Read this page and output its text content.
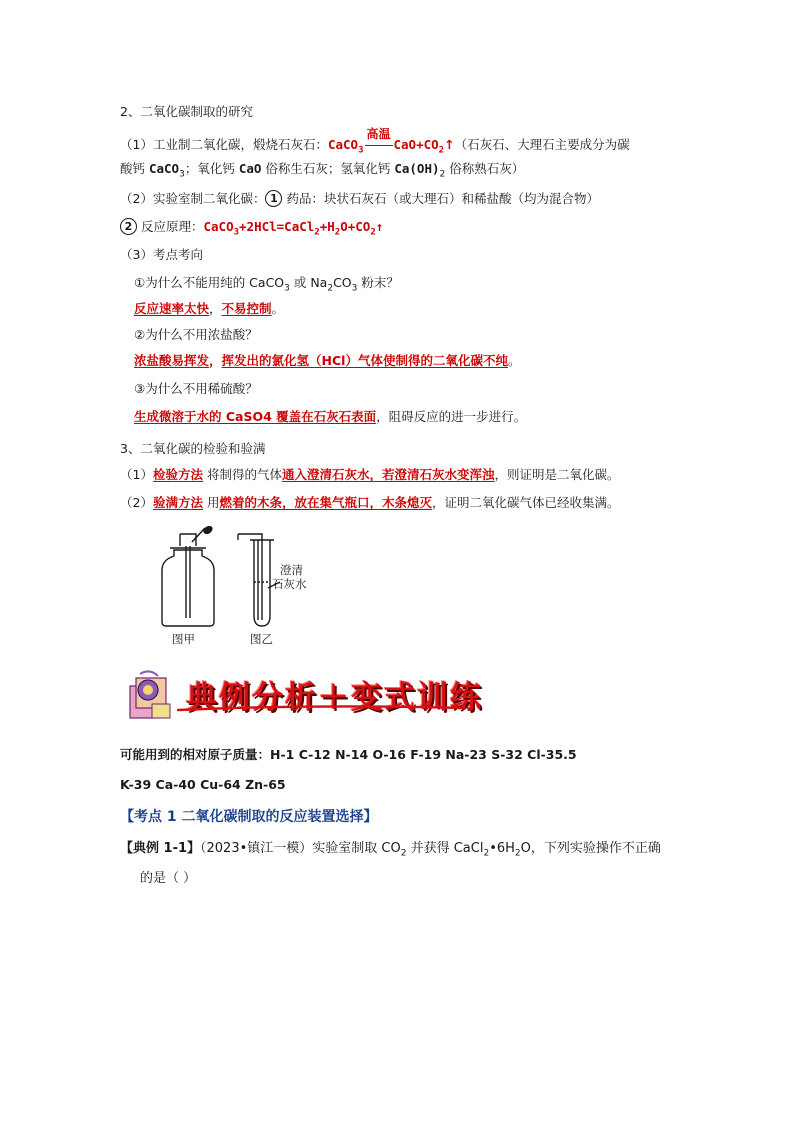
2、二氧化碳制取的研究
（1）工业制二氧化碳，煅烧石灰石：CaCO$_3$
高温
$CaO+CO_2↑$（石灰石、大理石主要成分为碳
酸钙 CaCO$_3$；氧化钙 CaO 俗称生石灰；氢氧化钙 $Ca(OH)_2$ 俗称熟石灰）
（2）实验室制二氧化碳： 1 药品：块状石灰石（或大理石）和稀盐酸（均为混合物）
2 反应原理：$CaCO_3+2HCl=CaCl_2+H_2O+CO_2↑$
（3）考点考向
①为什么不能用纯的 CaCO$_3$ 或 $Na_2CO_3$ 粉末？
反应速率太快，不易控制。
②为什么不用浓盐酸？
浓盐酸易挥发，挥发出的氯化氢（HCl）气体使制得的二氧化碳不纯。
③为什么不用稀硫酸？
生成微溶于水的 CaSO4 覆盖在石灰石表面，阻碍反应的进一步进行。
3、二氧化碳的检验和验满
（1）检验方法 将制得的气体通入澄清石灰水，若澄清石灰水变浑浊，则证明是二氧化碳。
（2）验满方法 用燃着的木条，放在集气瓶口，木条熄灭，证明二氧化碳气体已经收集满。
图甲	图乙
澄清
石灰水
典例分析＋变式训练
可能用到的相对原子质量：H-1 C-12 N-14 O-16 F-19 Na-23 S-32 Cl-35.5
K-39 Ca-40 Cu-64 Zn-65
【考点 1 二氧化碳制取的反应装置选择】
【典例 1-1】（2023•镇江一模）实验室制取 $CO_2$ 并获得 $CaCl_2•6H_2O$，下列实验操作不正确
的是（ ）
